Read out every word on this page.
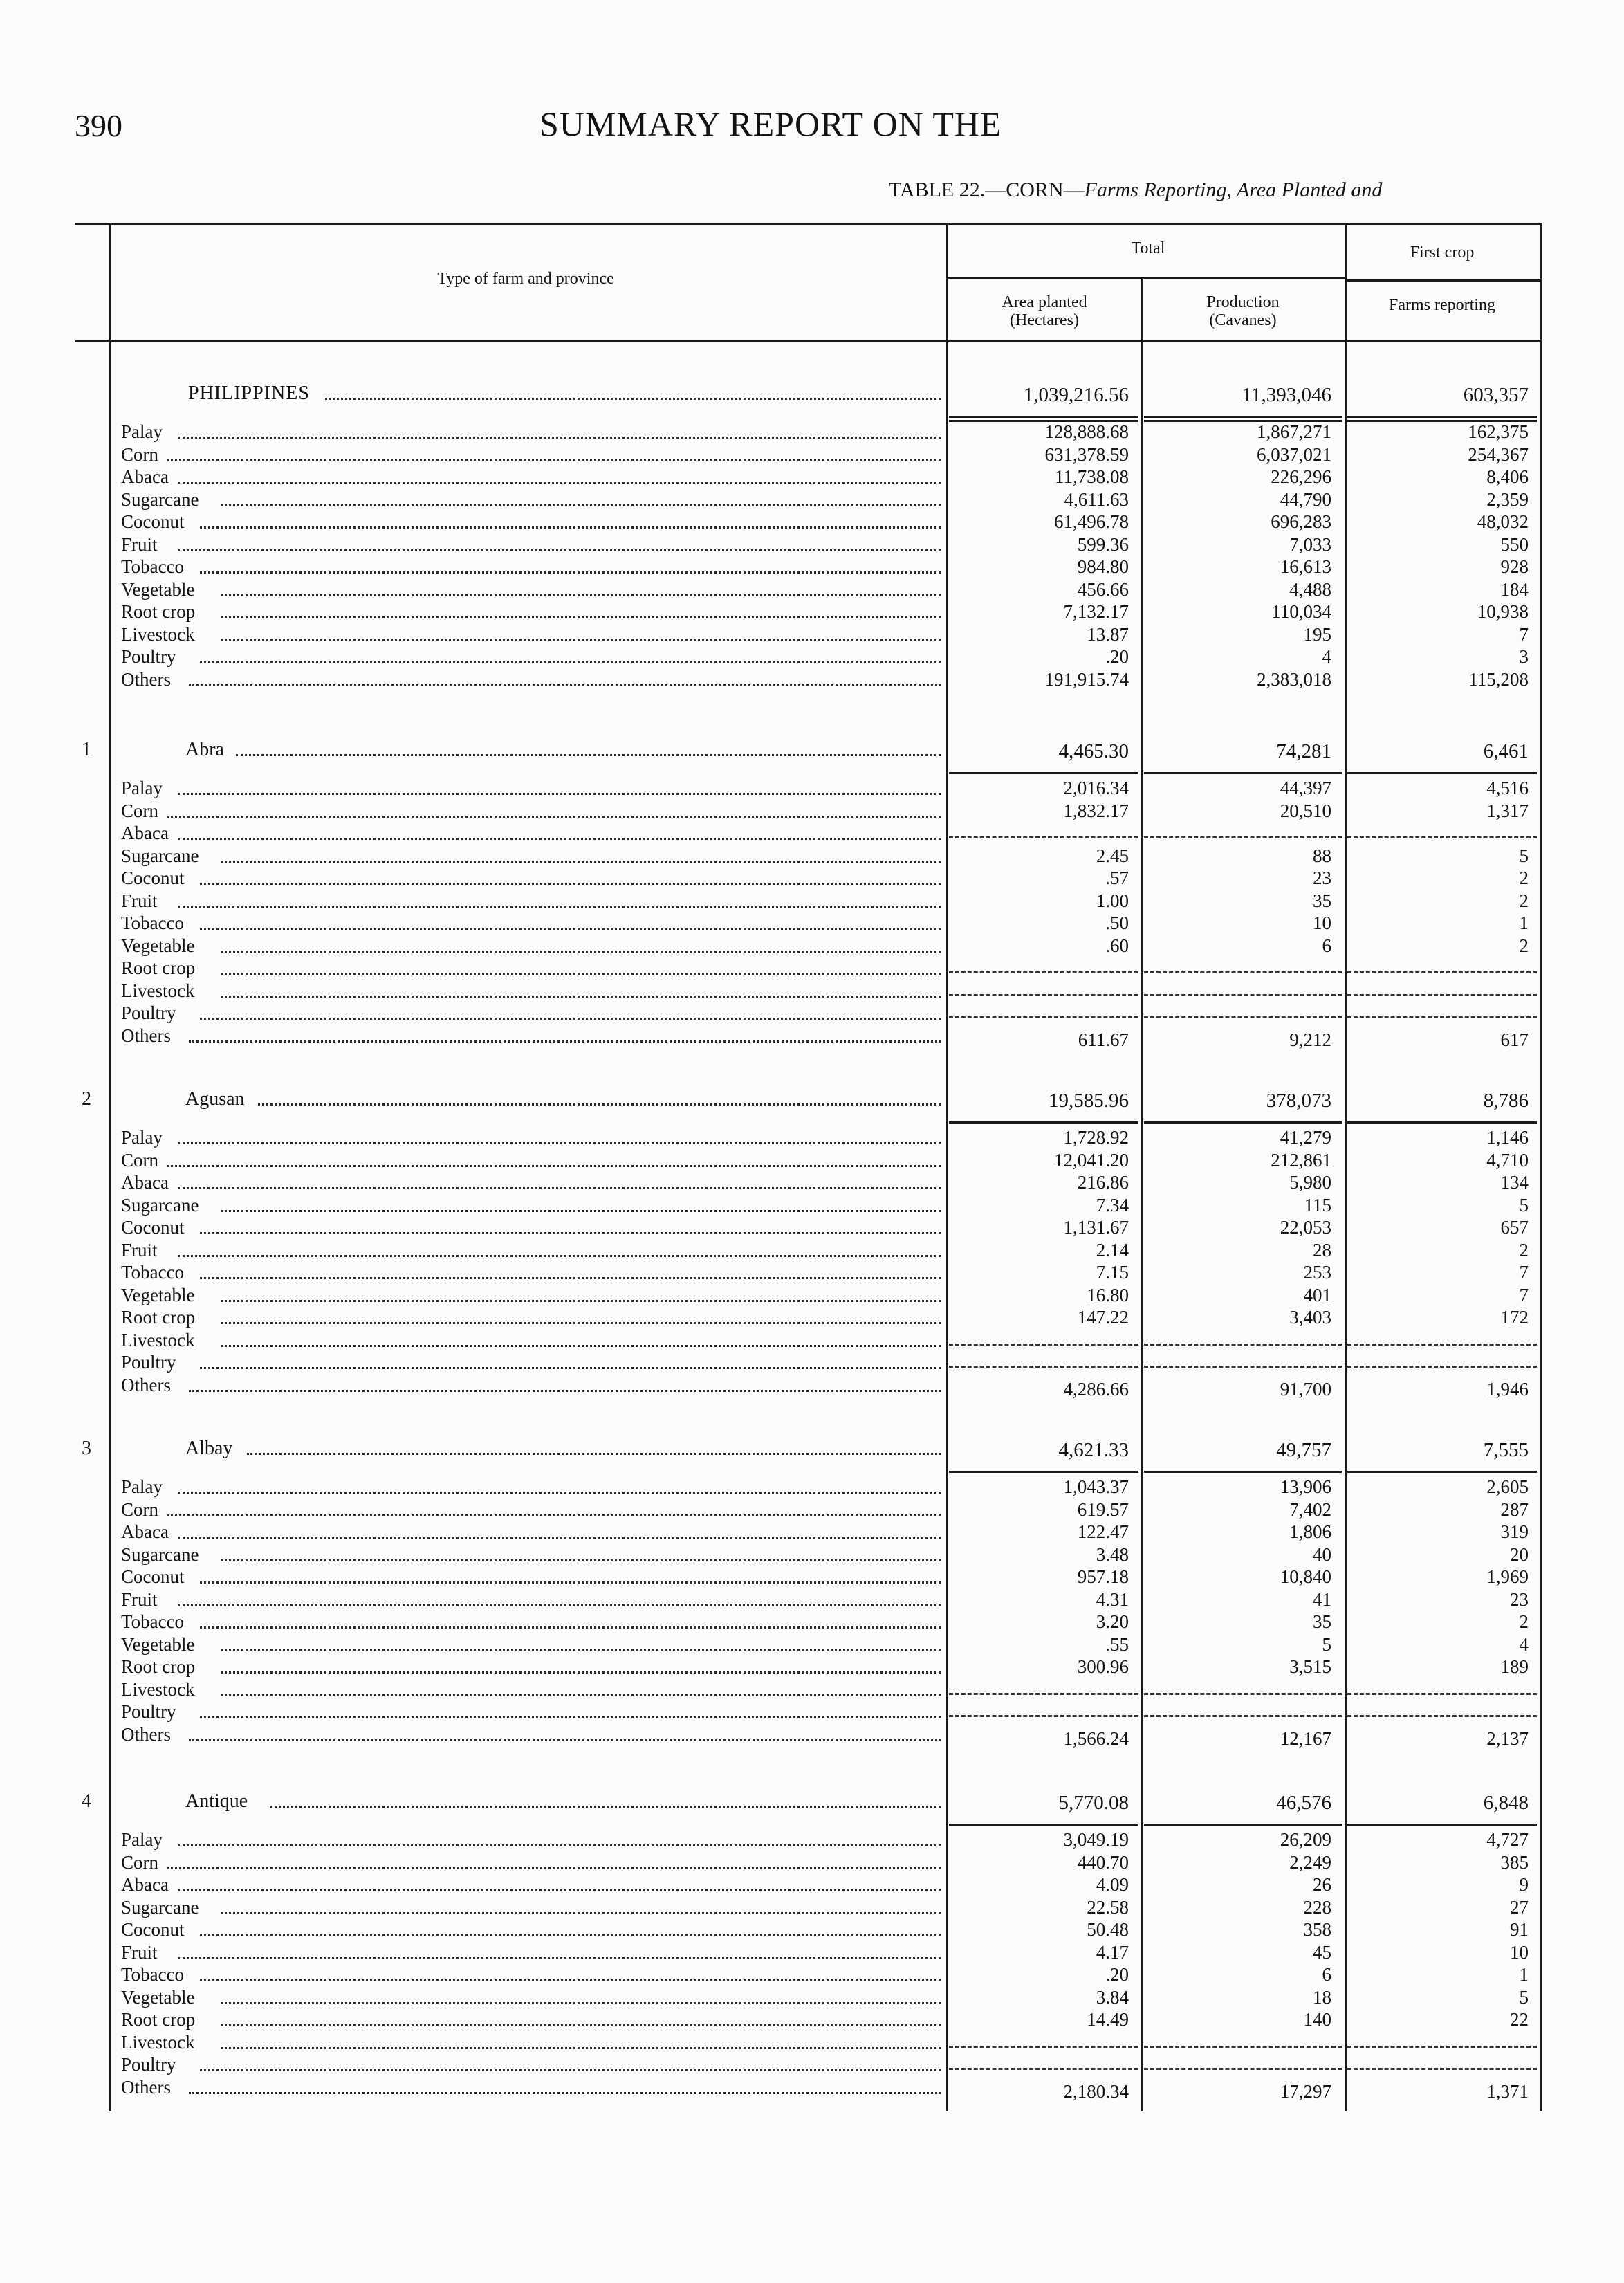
390	SUMMARY REPORT ON THE
TABLE 22.—CORN—Farms Reporting, Area Planted and
Type of farm and province
Total	First crop
Area planted (Hectares)
Production (Cavanes)
Farms reporting
PHILIPPINES	1,039,216.56	11,393,046	603,357
Palay	128,888.68	1,867,271	162,375
Corn	631,378.59	6,037,021	254,367
Abaca	11,738.08	226,296	8,406
Sugarcane	4,611.63	44,790	2,359
Coconut	61,496.78	696,283	48,032
Fruit	599.36	7,033	550
Tobacco	984.80	16,613	928
Vegetable	456.66	4,488	184
Root crop	7,132.17	110,034	10,938
Livestock	13.87	195	7
Poultry	.20	4	3
Others	191,915.74	2,383,018	115,208
1	Abra	4,465.30	74,281	6,461
Palay	2,016.34	44,397	4,516
Corn	1,832.17	20,510	1,317
Abaca
Sugarcane	2.45	88	5
Coconut	.57	23	2
Fruit	1.00	35	2
Tobacco	.50	10	1
Vegetable	.60	6	2
Root crop
Livestock
Poultry
Others	611.67	9,212	617
2	Agusan	19,585.96	378,073	8,786
Palay	1,728.92	41,279	1,146
Corn	12,041.20	212,861	4,710
Abaca	216.86	5,980	134
Sugarcane	7.34	115	5
Coconut	1,131.67	22,053	657
Fruit	2.14	28	2
Tobacco	7.15	253	7
Vegetable	16.80	401	7
Root crop	147.22	3,403	172
Livestock
Poultry
Others	4,286.66	91,700	1,946
3	Albay	4,621.33	49,757	7,555
Palay	1,043.37	13,906	2,605
Corn	619.57	7,402	287
Abaca	122.47	1,806	319
Sugarcane	3.48	40	20
Coconut	957.18	10,840	1,969
Fruit	4.31	41	23
Tobacco	3.20	35	2
Vegetable	.55	5	4
Root crop	300.96	3,515	189
Livestock
Poultry
Others	1,566.24	12,167	2,137
4	Antique	5,770.08	46,576	6,848
Palay	3,049.19	26,209	4,727
Corn	440.70	2,249	385
Abaca	4.09	26	9
Sugarcane	22.58	228	27
Coconut	50.48	358	91
Fruit	4.17	45	10
Tobacco	.20	6	1
Vegetable	3.84	18	5
Root crop	14.49	140	22
Livestock
Poultry
Others	2,180.34	17,297	1,371
